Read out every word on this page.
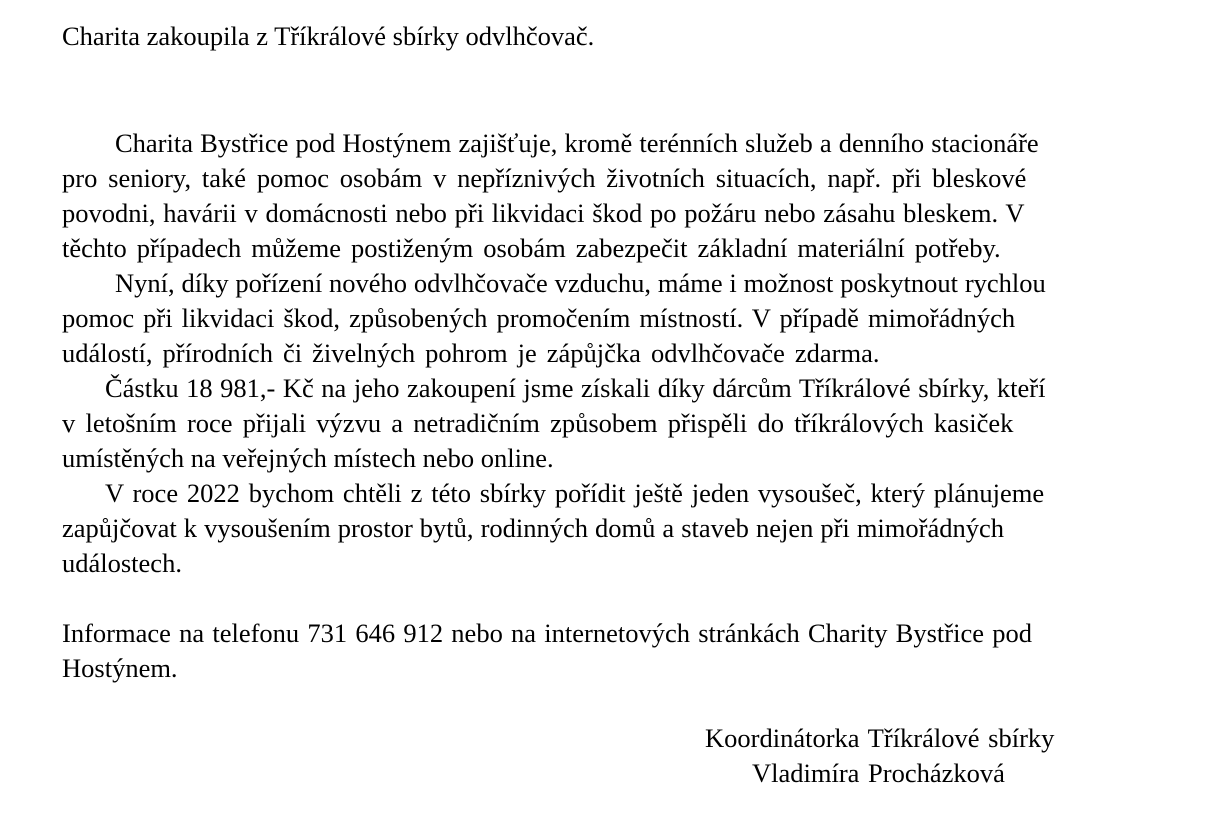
Charita zakoupila z Tříkrálové sbírky odvlhčovač.

Charita Bystřice pod Hostýnem zajišťuje, kromě terénních služeb a denního stacionáře

pro seniory, také pomoc osobám v nepříznivých životních situacích, např. při bleskové

povodni, havárii v domácnosti nebo při likvidaci škod po požáru nebo zásahu bleskem. V

těchto případech můžeme postiženým osobám zabezpečit základní materiální potřeby.

Nyní, díky pořízení nového odvlhčovače vzduchu, máme i možnost poskytnout rychlou

pomoc při likvidaci škod, způsobených promočením místností. V případě mimořádných

událostí, přírodních či živelných pohrom je zápůjčka odvlhčovače zdarma.

Částku 18 981,- Kč na jeho zakoupení jsme získali díky dárcům Tříkrálové sbírky, kteří

v letošním roce přijali výzvu a netradičním způsobem přispěli do tříkrálových kasiček

umístěných na veřejných místech nebo online.

V roce 2022 bychom chtěli z této sbírky pořídit ještě jeden vysoušeč, který plánujeme

zapůjčovat k vysoušením prostor bytů, rodinných domů a staveb nejen při mimořádných

událostech.

Informace na telefonu 731 646 912 nebo na internetových stránkách Charity Bystřice pod

Hostýnem.

Koordinátorka Tříkrálové sbírky

Vladimíra Procházková
